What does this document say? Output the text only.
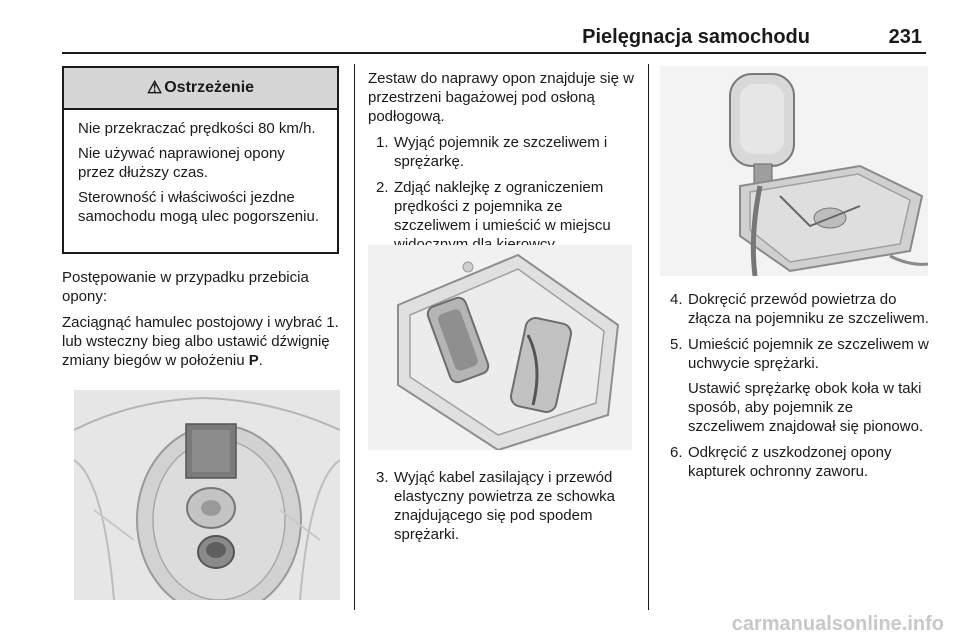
Pielęgnacja samochodu	231
⚠ Ostrzeżenie

Nie przekraczać prędkości 80 km/h.

Nie używać naprawionej opony przez dłuższy czas.

Sterowność i właściwości jezdne samochodu mogą ulec pogorszeniu.

Postępowanie w przypadku przebicia opony:

Zaciągnąć hamulec postojowy i wybrać 1. lub wsteczny bieg albo ustawić dźwignię zmiany biegów w położeniu P.

Zestaw do naprawy opon znajduje się w przestrzeni bagażowej pod osłoną podłogową.

1. Wyjąć pojemnik ze szczeliwem i sprężarkę.
2. Zdjąć naklejkę z ograniczeniem prędkości z pojemnika ze szczeliwem i umieścić w miejscu
3. Wyjąć kabel zasilający i przewód elastyczny powietrza ze schowka znajdującego się pod spodem sprężarki.
4. Dokręcić przewód powietrza do złącza na pojemniku ze szczeliwem.
5. Umieścić pojemnik ze szczeliwem w uchwycie sprężarki.
Ustawić sprężarkę obok koła w taki sposób, aby pojemnik ze szczeliwem znajdował się pionowo.
6. Odkręcić z uszkodzonej opony kapturek ochronny zaworu.
carmanualsonline.info
